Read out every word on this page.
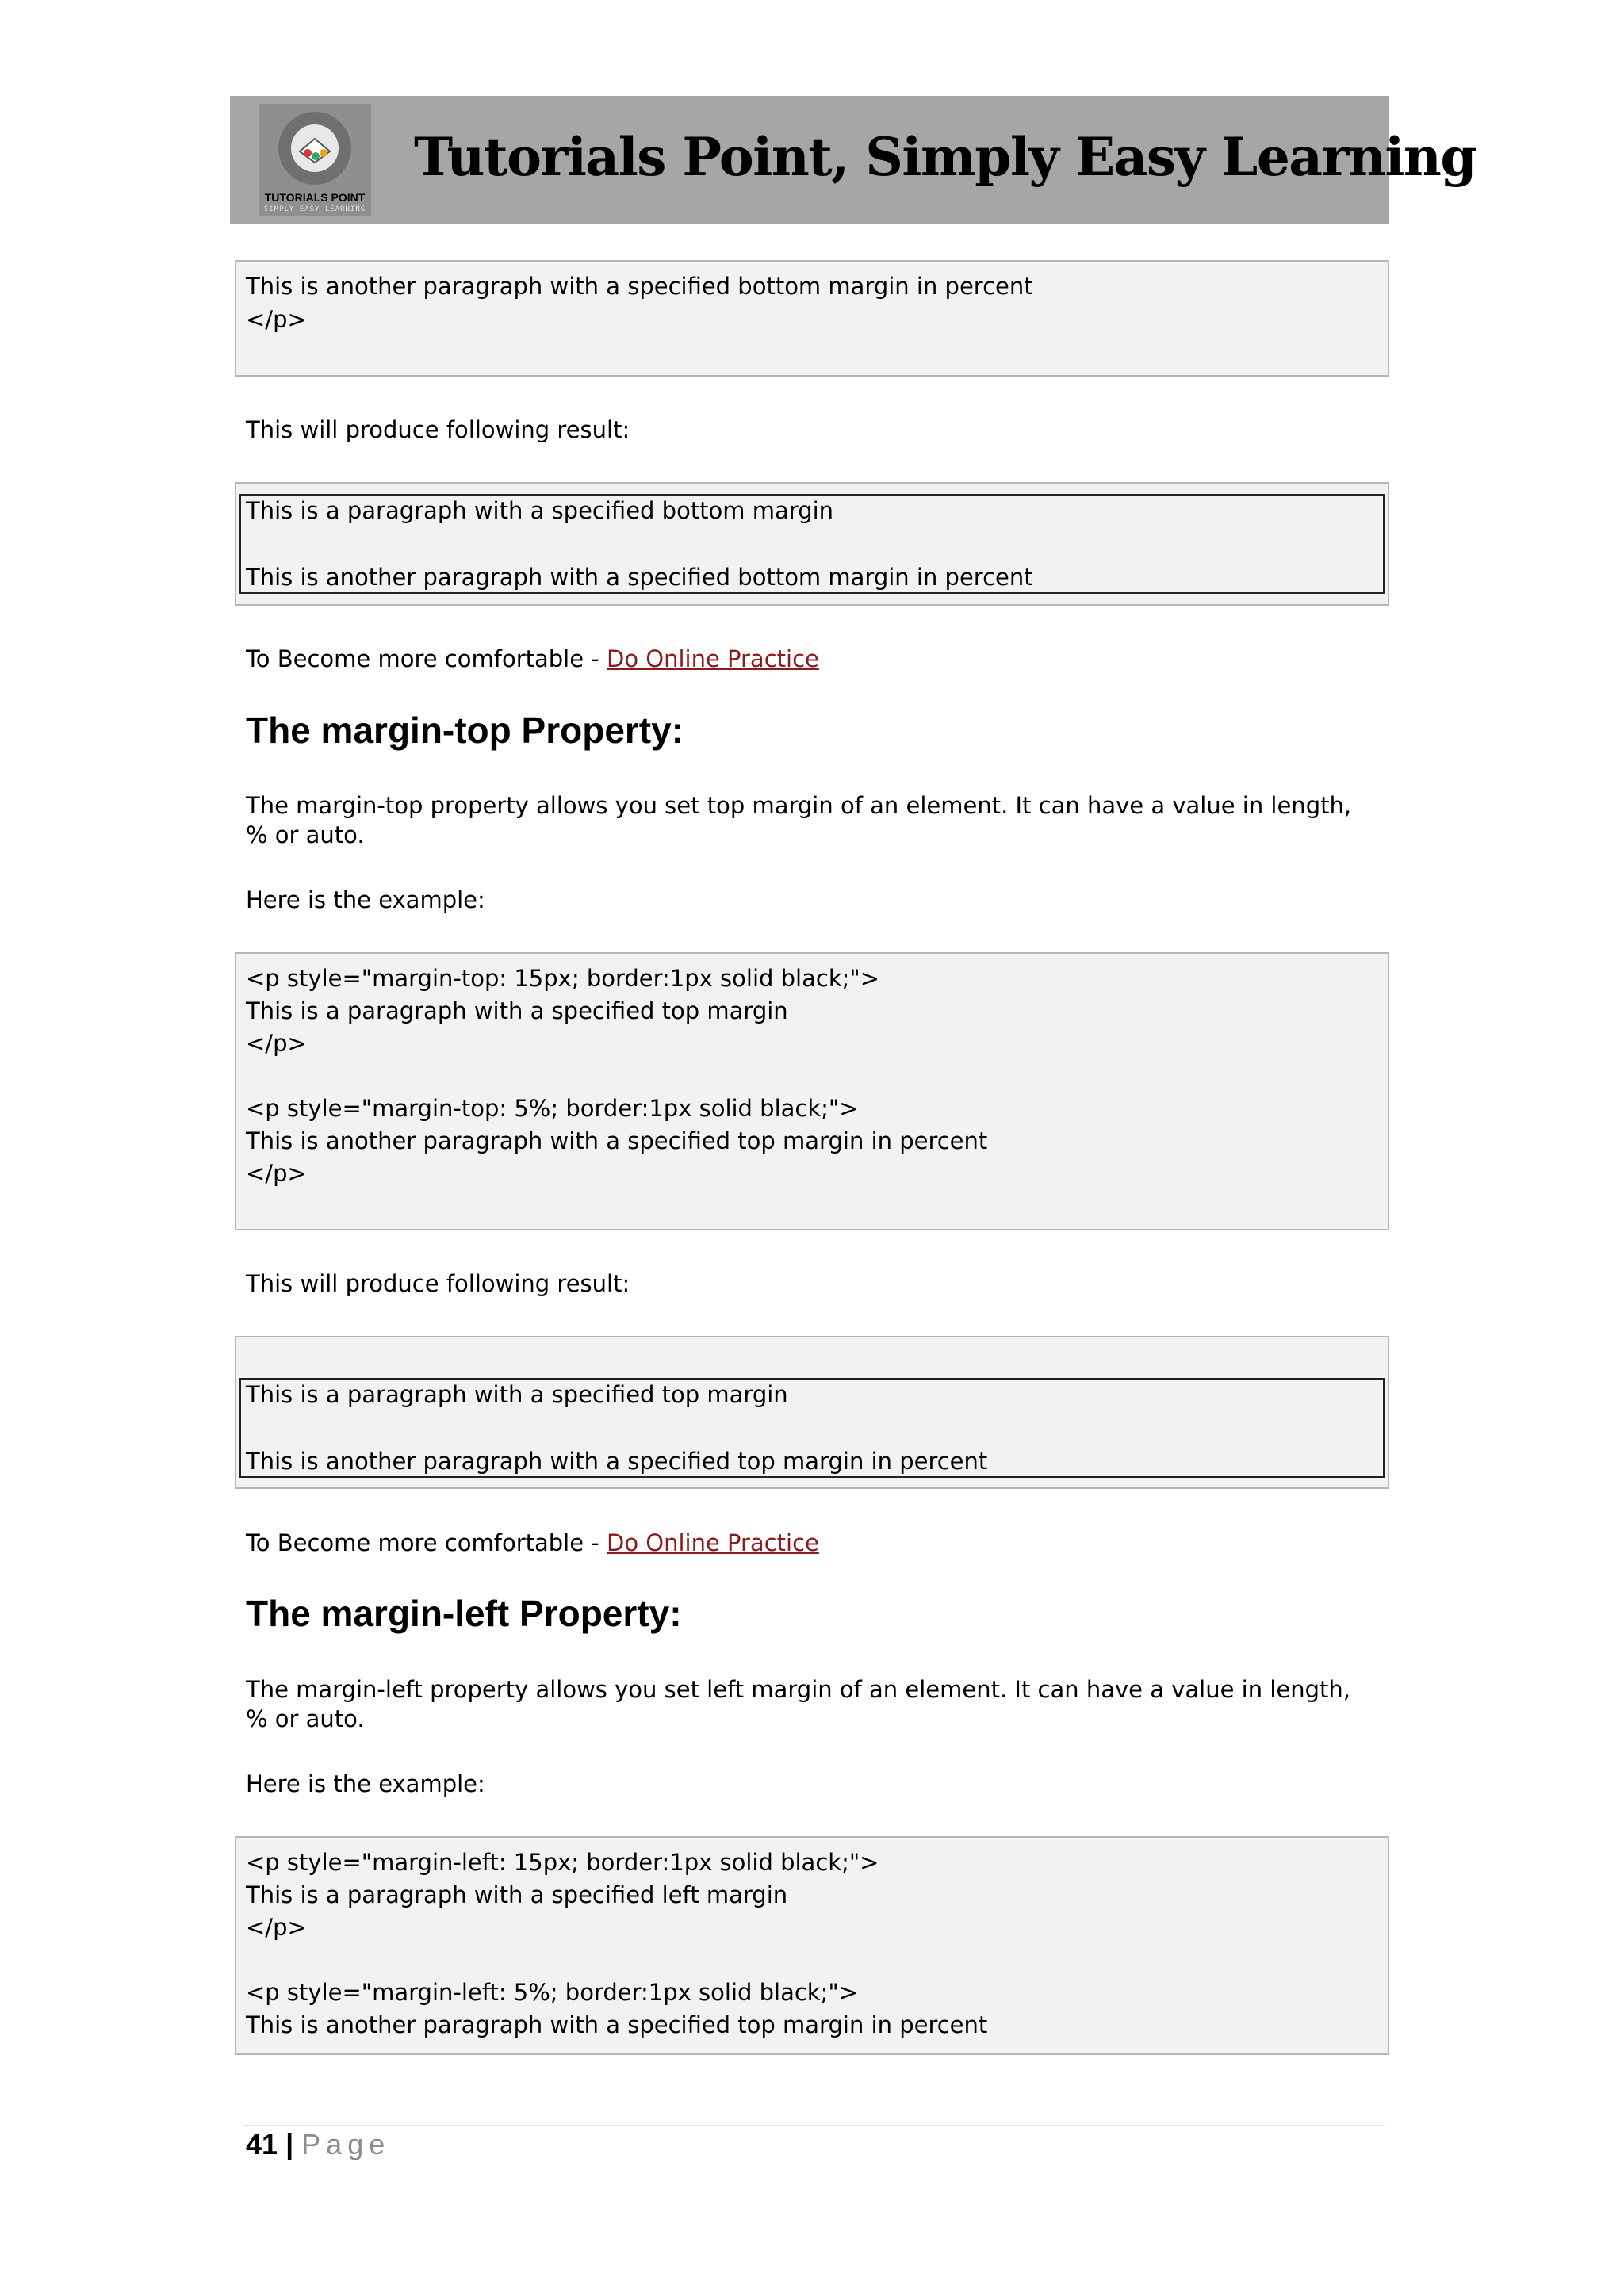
TUTORIALS POINT
SIMPLY EASY LEARNING
Tutorials Point, Simply Easy Learning
This is another paragraph with a specified bottom margin in percent
</p>
This will produce following result:
This is a paragraph with a specified bottom margin
This is another paragraph with a specified bottom margin in percent
To Become more comfortable - Do Online Practice
The margin-top Property:
The margin-top property allows you set top margin of an element. It can have a value in length,
% or auto.
Here is the example:
<p style="margin-top: 15px; border:1px solid black;">
This is a paragraph with a specified top margin
</p>
<p style="margin-top: 5%; border:1px solid black;">
This is another paragraph with a specified top margin in percent
</p>
This will produce following result:
This is a paragraph with a specified top margin
This is another paragraph with a specified top margin in percent
To Become more comfortable - Do Online Practice
The margin-left Property:
The margin-left property allows you set left margin of an element. It can have a value in length,
% or auto.
Here is the example:
<p style="margin-left: 15px; border:1px solid black;">
This is a paragraph with a specified left margin
</p>
<p style="margin-left: 5%; border:1px solid black;">
This is another paragraph with a specified top margin in percent
41 | Page
